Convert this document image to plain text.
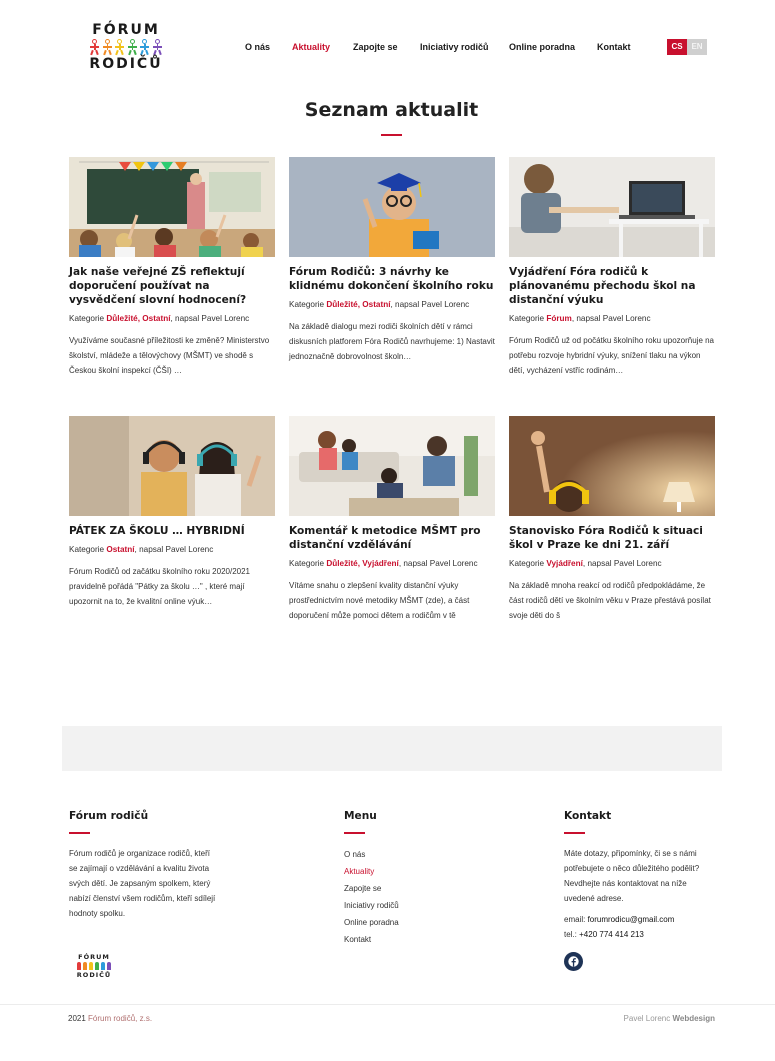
FÓRUM
RODIČŮ
O nás Aktuality	Zapojte se Iniciativy rodičů Online poradna Kontakt	CS	EN
Seznam aktualit
Jak naše veřejné ZŠ reflektují doporučení používat na vysvědčení slovní hodnocení?
Kategorie Důležité, Ostatní, napsal Pavel Lorenc

Využíváme současné příležitosti ke změně? Ministerstvo školství, mládeže a tělovýchovy (MŠMT) ve shodě s Českou školní inspekcí (ČŠI) …

Fórum Rodičů: 3 návrhy ke klidnému dokončení školního roku
Kategorie Důležité, Ostatní, napsal Pavel Lorenc

Na základě dialogu mezi rodiči školních dětí v rámci diskusních platforem Fóra Rodičů navrhujeme: 1) Nastavit jednoznačně dobrovolnost školn…

Vyjádření Fóra rodičů k plánovanému přechodu škol na distanční výuku
Kategorie Fórum, napsal Pavel Lorenc

Fórum Rodičů už od počátku školního roku upozorňuje na potřebu rozvoje hybridní výuky, snížení tlaku na výkon dětí, vycházení vstříc rodinám…

PÁTEK ZA ŠKOLU … HYBRIDNÍ
Kategorie Ostatní, napsal Pavel Lorenc

Fórum Rodičů od začátku školního roku 2020/2021 pravidelně pořádá "Pátky za školu …" , které mají upozornit na to, že kvalitní online výuk…

Komentář k metodice MŠMT pro distanční vzdělávání
Kategorie Důležité, Vyjádření, napsal Pavel Lorenc

Vítáme snahu o zlepšení kvality distanční výuky prostřednictvím nové metodiky MŠMT (zde), a část doporučení může pomoci dětem a rodičům v tě

Stanovisko Fóra Rodičů k situaci škol v Praze ke dni 21. září
Kategorie Vyjádření, napsal Pavel Lorenc

Na základě mnoha reakcí od rodičů předpokládáme, že část rodičů dětí ve školním věku v Praze přestává posílat svoje děti do š

Fórum rodičů

Fórum rodičů je organizace rodičů, kteří se zajímají o vzdělávání a kvalitu života svých dětí. Je zapsaným spolkem, který nabízí členství všem rodičům, kteří sdílejí hodnoty spolku.

FÓRUM
RODIČŮ
Menu
O nás
Aktuality
Zapojte se
Iniciativy rodičů
Online poradna
Kontakt
Kontakt

Máte dotazy, připomínky, či se s námi potřebujete o něco důležitého podělit? Nevdhejte nás kontaktovat na níže uvedené adrese.

email: forumrodicu@gmail.com

tel.: +420 774 414 213

2021 Fórum rodičů, z.s.	Pavel Lorenc Webdesign
